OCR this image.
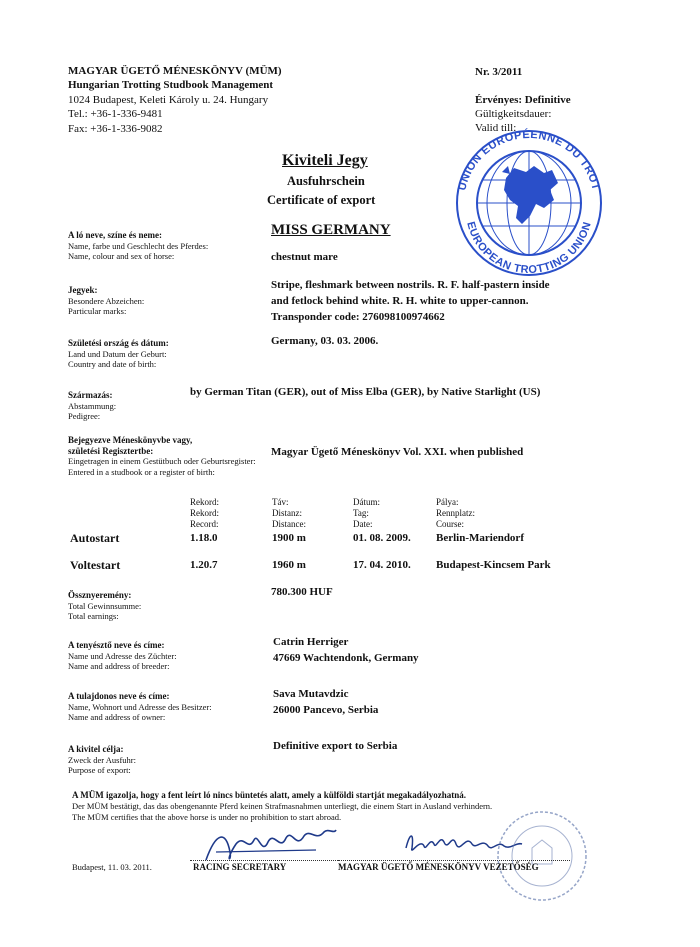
MAGYAR ÜGETŐ MÉNESKÖNYV (MÜM)
Hungarian Trotting Studbook Management
1024 Budapest, Keleti Károly u. 24. Hungary
Tel.: +36-1-336-9481
Fax: +36-1-336-9082
Nr. 3/2011
Érvényes: Definitive
Gültigkeitsdauer:
Valid till:
Kiviteli Jegy
Ausfuhrschein
Certificate of export
UNION EUROPÉENNE DU TROT
EUROPEAN TROTTING UNION
A ló neve, színe és neme:
Name, farbe und Geschlecht des Pferdes:
Name, colour and sex of horse:
MISS GERMANY
chestnut mare
Jegyek:
Besondere Abzeichen:
Particular marks:
Stripe, fleshmark between nostrils. R. F. half-pastern inside
and fetlock behind white. R. H. white to upper-cannon.
Transponder code: 276098100974662
Születési ország és dátum:
Land und Datum der Geburt:
Country and date of birth:
Germany, 03. 03. 2006.
Származás:
Abstammung:
Pedigree:
by German Titan (GER), out of Miss Elba (GER), by Native Starlight (US)
Bejegyezve Méneskönyvbe vagy,
születési Regisztertbe:
Eingetragen in einem Gestütbuch oder Geburtsregister:
Entered in a studbook or a register of birth:
Magyar Ügető Méneskönyv Vol. XXI. when published
Rekord:
Rekord:
Record:
Táv:
Distanz:
Distance:
Dátum:
Tag:
Date:
Pálya:
Rennplatz:
Course:
Autostart	1.18.0	1900 m	01. 08. 2009. Berlin-Mariendorf
Voltestart	1.20.7	1960 m	17. 04. 2010. Budapest-Kincsem Park
Össznyeremény:
Total Gewinnsumme:
Total earnings:
780.300 HUF
A tenyésztő neve és címe:
Name und Adresse des Züchter:
Name and address of breeder:
Catrin Herriger
47669 Wachtendonk, Germany
A tulajdonos neve és címe:
Name, Wohnort und Adresse des Besitzer:
Name and address of owner:
Sava Mutavdzic
26000 Pancevo, Serbia
A kivitel célja:
Zweck der Ausfuhr:
Purpose of export:
Definitive export to Serbia
A MÜM igazolja, hogy a fent leírt ló nincs büntetés alatt, amely a külföldi startját megakadályozhatná.
Der MÜM bestätigt, das das obengenannte Pferd keinen Strafmasnahmen unterliegt, die einem Start in Ausland verhindern.
The MÜM certifies that the above horse is under no prohibition to start abroad.
Budapest, 11. 03. 2011.	RACING SECRETARY	MAGYAR ÜGETŐ MÉNESKÖNYV VEZETŐSÉG
